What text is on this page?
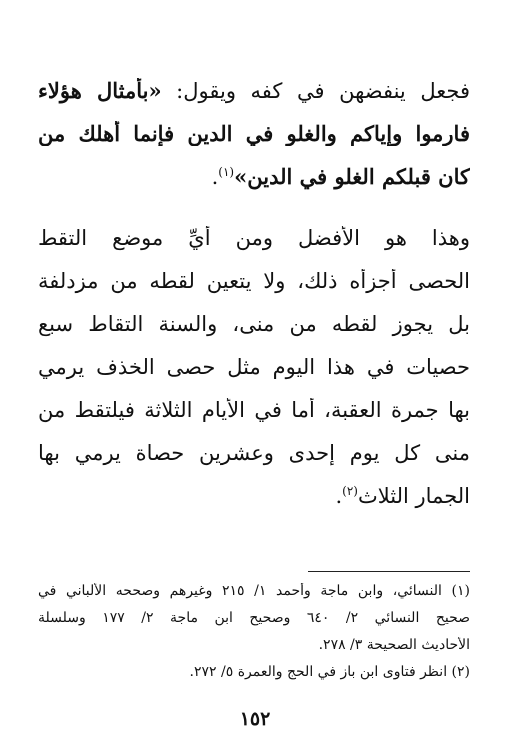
فجعل ينفضهن في كفه ويقول: «بأمثال هؤلاء
فارموا وإياكم والغلو في الدين فإنما أهلك من
كان قبلكم الغلو في الدين»$^{(١)}$.
وهذا هو الأفضل ومن أيِّ موضع التقط
الحصى أجزأه ذلك، ولا يتعين لقطه من مزدلفة
بل يجوز لقطه من منى، والسنة التقاط سبع
حصيات في هذا اليوم مثل حصى الخذف يرمي
بها جمرة العقبة، أما في الأيام الثلاثة فيلتقط من
منى كل يوم إحدى وعشرين حصاة يرمي بها
الجمار الثلاث$^{(٢)}$.
(١) النسائي، وابن ماجة وأحمد ١/ ٢١٥ وغيرهم وصححه الألباني في
صحيح النسائي ٢/ ٦٤٠ وصحيح ابن ماجة ٢/ ١٧٧ وسلسلة
الأحاديث الصحيحة ٣/ ٢٧٨.
(٢) انظر فتاوى ابن باز في الحج والعمرة ٥/ ٢٧٢.
١٥٢
